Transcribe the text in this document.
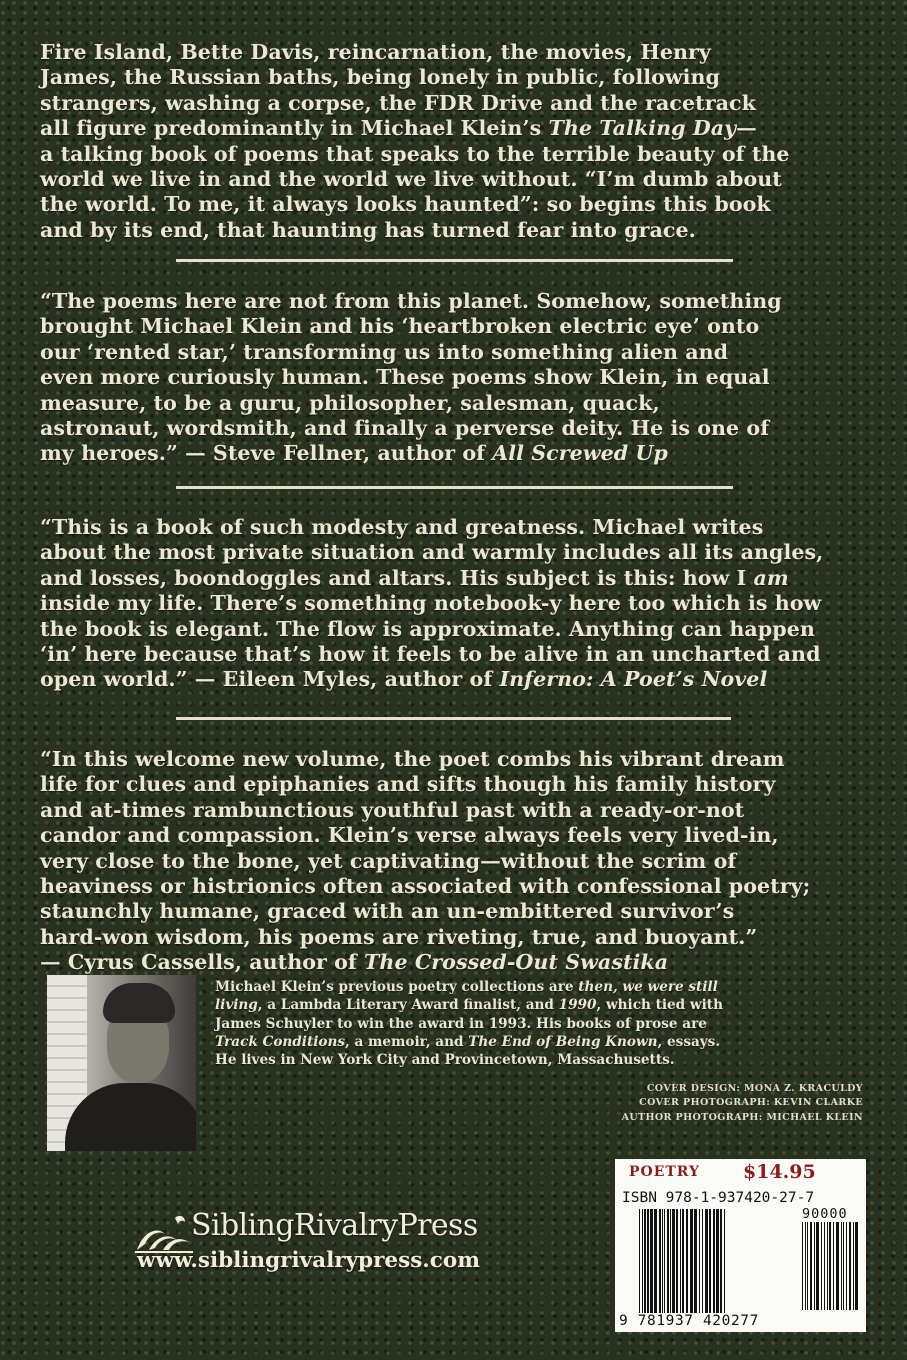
Fire Island, Bette Davis, reincarnation, the movies, Henry
James, the Russian baths, being lonely in public, following
strangers, washing a corpse, the FDR Drive and the racetrack
all figure predominantly in Michael Klein’s The Talking Day—
a talking book of poems that speaks to the terrible beauty of the
world we live in and the world we live without. “I’m dumb about
the world. To me, it always looks haunted”: so begins this book
and by its end, that haunting has turned fear into grace.
“The poems here are not from this planet. Somehow, something
brought Michael Klein and his ‘heartbroken electric eye’ onto
our ‘rented star,’ transforming us into something alien and
even more curiously human. These poems show Klein, in equal
measure, to be a guru, philosopher, salesman, quack,
astronaut, wordsmith, and finally a perverse deity. He is one of
my heroes.” — Steve Fellner, author of All Screwed Up
“This is a book of such modesty and greatness. Michael writes
about the most private situation and warmly includes all its angles,
and losses, boondoggles and altars. His subject is this: how I am
inside my life. There’s something notebook-y here too which is how
the book is elegant. The flow is approximate. Anything can happen
‘in’ here because that’s how it feels to be alive in an uncharted and
open world.” — Eileen Myles, author of Inferno: A Poet’s Novel
“In this welcome new volume, the poet combs his vibrant dream
life for clues and epiphanies and sifts though his family history
and at-times rambunctious youthful past with a ready-or-not
candor and compassion. Klein’s verse always feels very lived-in,
very close to the bone, yet captivating—without the scrim of
heaviness or histrionics often associated with confessional poetry;
staunchly humane, graced with an un-embittered survivor’s
hard-won wisdom, his poems are riveting, true, and buoyant.”
— Cyrus Cassells, author of The Crossed-Out Swastika
Michael Klein’s previous poetry collections are then, we were still
living, a Lambda Literary Award finalist, and 1990, which tied with
James Schuyler to win the award in 1993. His books of prose are
Track Conditions, a memoir, and The End of Being Known, essays.
He lives in New York City and Provincetown, Massachusetts.
COVER DESIGN: MONA Z. KRACULDY
COVER PHOTOGRAPH: KEVIN CLARKE
AUTHOR PHOTOGRAPH: MICHAEL KLEIN
POETRY $14.95
ISBN 978-1-937420-27-7
90000
9 781937 420277
SiblingRivalryPress
www.siblingrivalrypress.com
